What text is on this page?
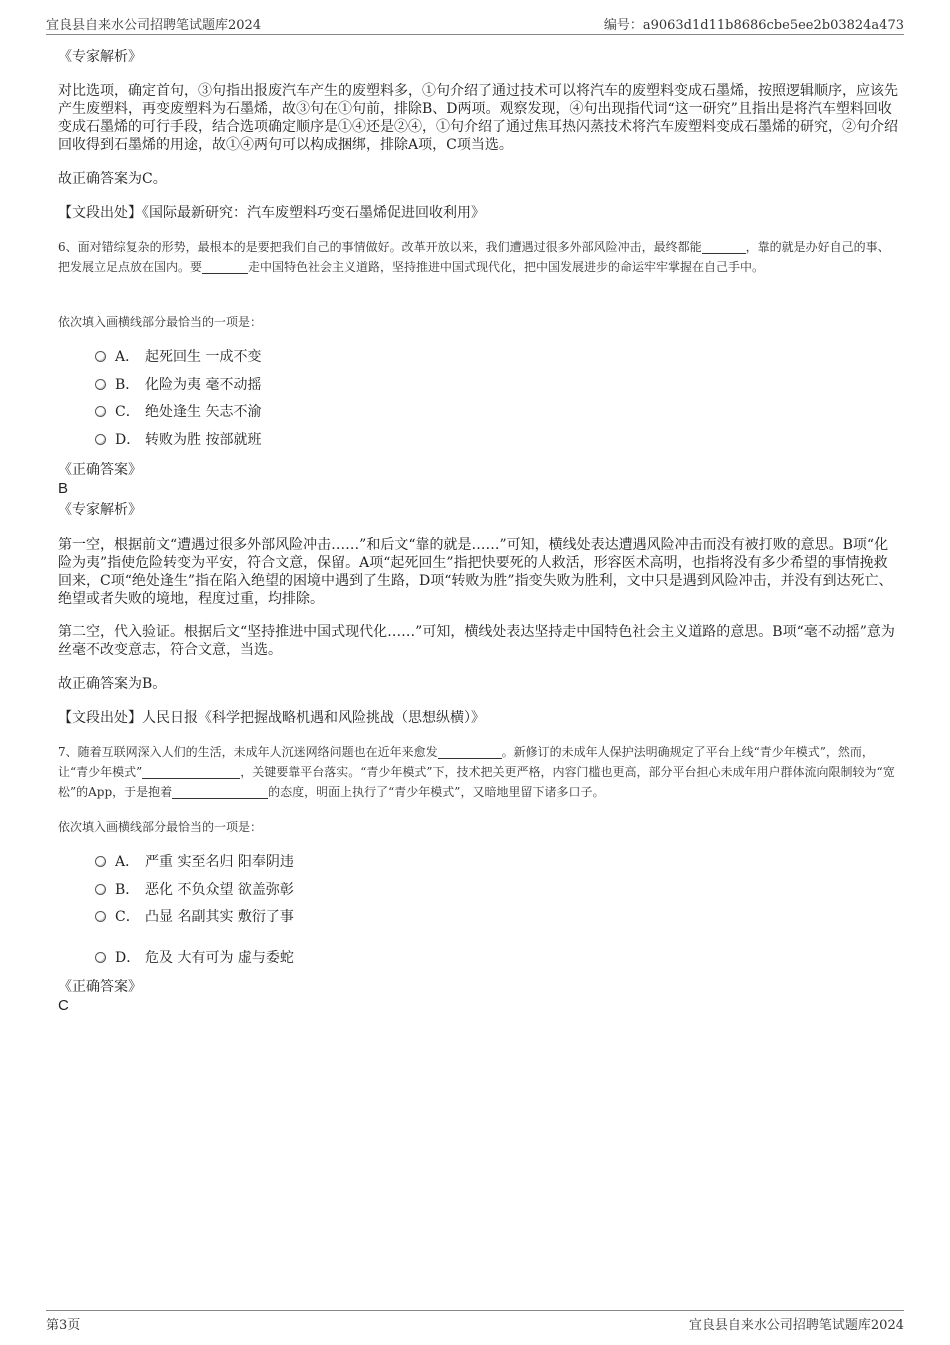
宜良县自来水公司招聘笔试题库2024	编号：a9063d1d11b8686cbe5ee2b03824a473
《专家解析》
对比选项，确定首句，③句指出报废汽车产生的废塑料多，①句介绍了通过技术可以将汽车的废塑料变成石墨烯，按照逻辑顺序，应该先产生废塑料，再变废塑料为石墨烯，故③句在①句前，排除B、D两项。观察发现，④句出现指代词“这一研究”且指出是将汽车塑料回收变成石墨烯的可行手段，结合选项确定顺序是①④还是②④，①句介绍了通过焦耳热闪蒸技术将汽车废塑料变成石墨烯的研究，②句介绍回收得到石墨烯的用途，故①④两句可以构成捆绑，排除A项，C项当选。
故正确答案为C。
【文段出处】《国际最新研究：汽车废塑料巧变石墨烯促进回收利用》
6、面对错综复杂的形势，最根本的是要把我们自己的事情做好。改革开放以来，我们遭遇过很多外部风险冲击，最终都能	，靠的就是办好自己的事、把发展立足点放在国内。要	走中国特色社会主义道路，坚持推进中国式现代化，把中国发展进步的命运牢牢掌握在自己手中。
依次填入画横线部分最恰当的一项是：
A． 起死回生 一成不变
B． 化险为夷 毫不动摇
C． 绝处逢生 矢志不渝
D． 转败为胜 按部就班
《正确答案》
B
《专家解析》
第一空，根据前文“遭遇过很多外部风险冲击……”和后文“靠的就是……”可知，横线处表达遭遇风险冲击而没有被打败的意思。B项“化险为夷”指使危险转变为平安，符合文意，保留。A项“起死回生”指把快要死的人救活，形容医术高明，也指将没有多少希望的事情挽救回来，C项“绝处逢生”指在陷入绝望的困境中遇到了生路，D项“转败为胜”指变失败为胜利，文中只是遇到风险冲击，并没有到达死亡、绝望或者失败的境地，程度过重，均排除。
第二空，代入验证。根据后文“坚持推进中国式现代化……”可知，横线处表达坚持走中国特色社会主义道路的意思。B项“毫不动摇”意为丝毫不改变意志，符合文意，当选。
故正确答案为B。
【文段出处】人民日报《科学把握战略机遇和风险挑战（思想纵横）》
7、随着互联网深入人们的生活，未成年人沉迷网络问题也在近年来愈发	。新修订的未成年人保护法明确规定了平台上线“青少年模式”，然而，让“青少年模式”	，关键要靠平台落实。“青少年模式”下，技术把关更严格，内容门槛也更高，部分平台担心未成年用户群体流向限制较为“宽松”的App，于是抱着	的态度，明面上执行了“青少年模式”，又暗地里留下诸多口子。
依次填入画横线部分最恰当的一项是：
A． 严重 实至名归 阳奉阴违
B． 恶化 不负众望 欲盖弥彰
C． 凸显 名副其实 敷衍了事
D． 危及 大有可为 虚与委蛇
《正确答案》
C
第3页	宜良县自来水公司招聘笔试题库2024
